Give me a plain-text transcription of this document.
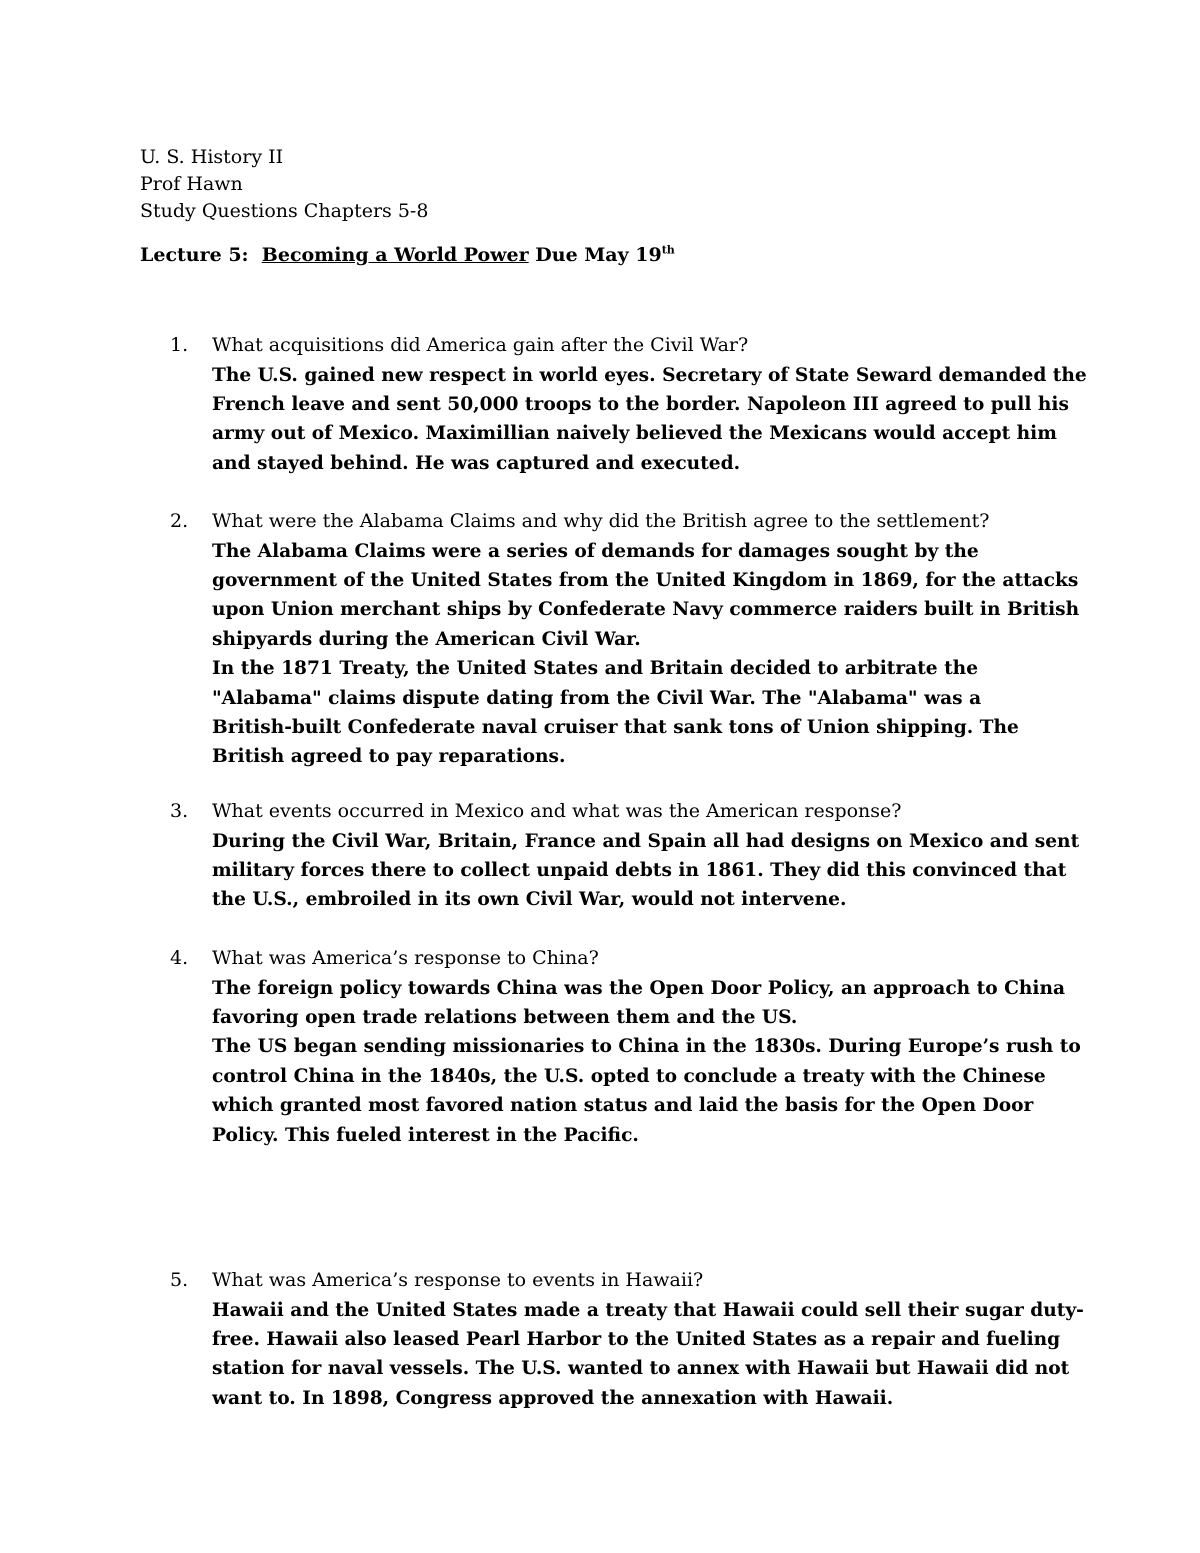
U. S. History II
Prof Hawn
Study Questions Chapters 5-8
Lecture 5: Becoming a World Power Due May 19th
1.	What acquisitions did America gain after the Civil War?
The U.S. gained new respect in world eyes. Secretary of State Seward demanded the
French leave and sent 50,000 troops to the border. Napoleon III agreed to pull his
army out of Mexico. Maximillian naively believed the Mexicans would accept him
and stayed behind. He was captured and executed.
2.	What were the Alabama Claims and why did the British agree to the settlement?
The Alabama Claims were a series of demands for damages sought by the
government of the United States from the United Kingdom in 1869, for the attacks
upon Union merchant ships by Confederate Navy commerce raiders built in British
shipyards during the American Civil War.
In the 1871 Treaty, the United States and Britain decided to arbitrate the
"Alabama" claims dispute dating from the Civil War. The "Alabama" was a
British-built Confederate naval cruiser that sank tons of Union shipping. The
British agreed to pay reparations.
3.	What events occurred in Mexico and what was the American response?
During the Civil War, Britain, France and Spain all had designs on Mexico and sent
military forces there to collect unpaid debts in 1861. They did this convinced that
the U.S., embroiled in its own Civil War, would not intervene.
4.	What was America’s response to China?
The foreign policy towards China was the Open Door Policy, an approach to China
favoring open trade relations between them and the US.
The US began sending missionaries to China in the 1830s. During Europe’s rush to
control China in the 1840s, the U.S. opted to conclude a treaty with the Chinese
which granted most favored nation status and laid the basis for the Open Door
Policy. This fueled interest in the Pacific.
5.	What was America’s response to events in Hawaii?
Hawaii and the United States made a treaty that Hawaii could sell their sugar duty-
free. Hawaii also leased Pearl Harbor to the United States as a repair and fueling
station for naval vessels. The U.S. wanted to annex with Hawaii but Hawaii did not
want to. In 1898, Congress approved the annexation with Hawaii.
